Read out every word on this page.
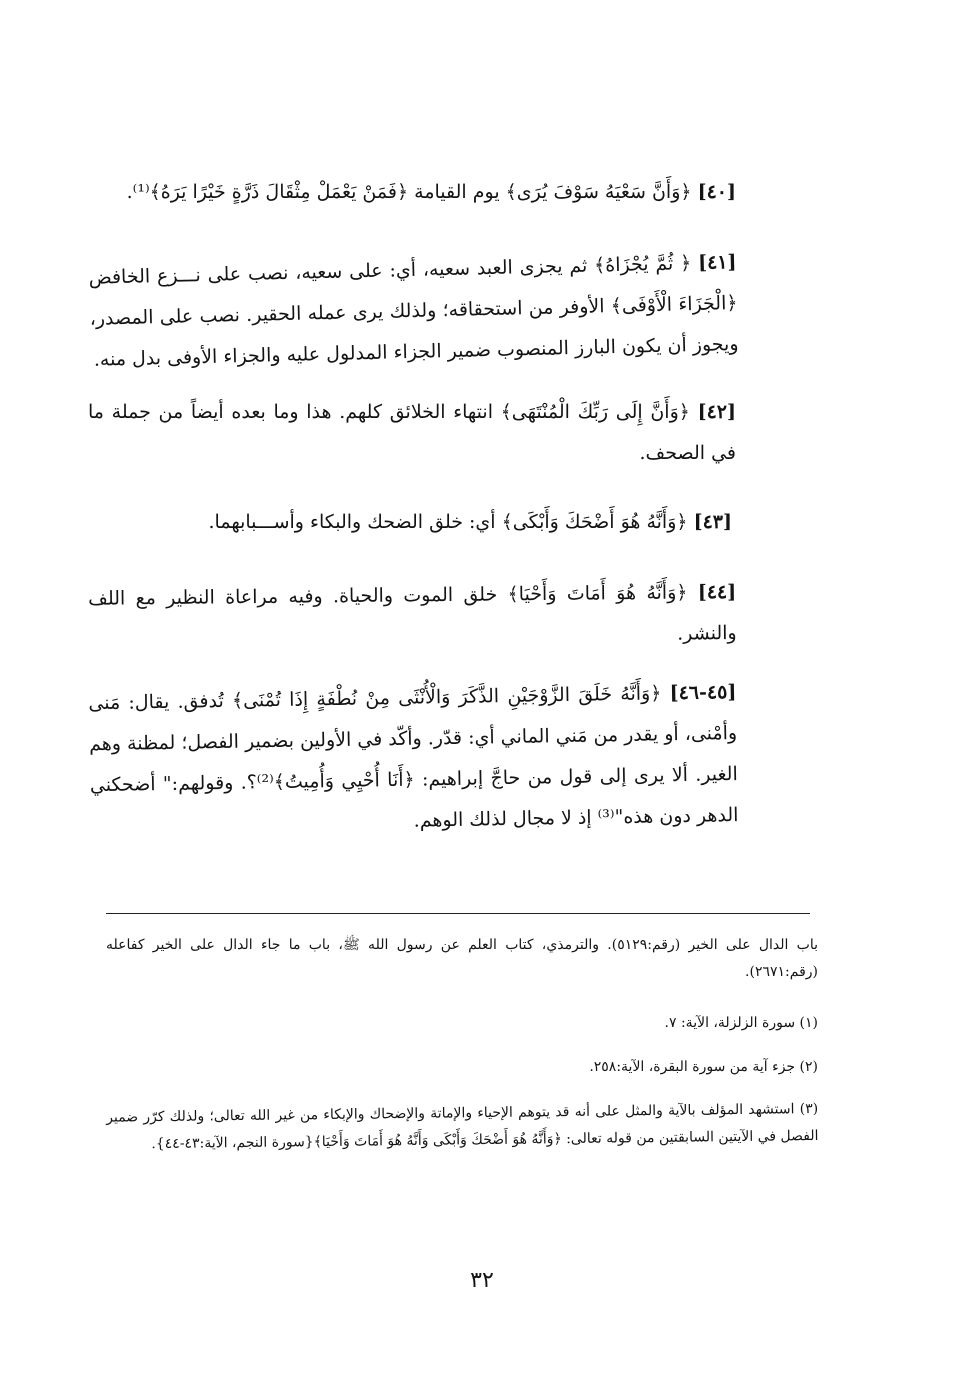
[٤٠] ﴿وَأَنَّ سَعْيَهُ سَوْفَ يُرَى﴾ يوم القيامة ﴿فَمَنْ يَعْمَلْ مِثْقَالَ ذَرَّةٍ خَيْرًا يَرَهُ﴾⁽¹⁾.
[٤١] ﴿ ثُمَّ يُجْزَاهُ﴾ ثم يجزى العبد سعيه، أي: على سعيه، نصب على نـــزع الخافض ﴿الْجَزَاءَ الْأَوْفَى﴾ الأوفر من استحقاقه؛ ولذلك يرى عمله الحقير. نصب على المصدر، ويجوز أن يكون البارز المنصوب ضمير الجزاء المدلول عليه والجزاء الأوفى بدل منه.
[٤٢] ﴿وَأَنَّ إِلَى رَبِّكَ الْمُنْتَهَى﴾ انتهاء الخلائق كلهم. هذا وما بعده أيضاً من جملة ما في الصحف.
[٤٣] ﴿وَأَنَّهُ هُوَ أَضْحَكَ وَأَبْكَى﴾ أي: خلق الضحك والبكاء وأســـبابهما.
[٤٤] ﴿وَأَنَّهُ هُوَ أَمَاتَ وَأَحْيَا﴾ خلق الموت والحياة. وفيه مراعاة النظير مع اللف والنشر.
[٤٥-٤٦] ﴿وَأَنَّهُ خَلَقَ الزَّوْجَيْنِ الذَّكَرَ وَالْأُنْثَى مِنْ نُطْفَةٍ إِذَا تُمْنَى﴾ تُدفق. يقال: مَنى وأمْنى، أو يقدر من مَني الماني أي: قدّر. وأكّد في الأولين بضمير الفصل؛ لمظنة وهم الغير. ألا يرى إلى قول من حاجَّ إبراهيم: ﴿أَنَا أُحْيِي وَأُمِيتُ﴾⁽²⁾؟. وقولهم:" أضحكني الدهر دون هذه"⁽³⁾ إذ لا مجال لذلك الوهم.
باب الدال على الخير (رقم:٥١٢٩). والترمذي، كتاب العلم عن رسول الله ﷺ، باب ما جاء الدال على الخير كفاعله (رقم:٢٦٧١).
(١) سورة الزلزلة، الآية: ٧.
(٢) جزء آية من سورة البقرة، الآية:٢٥٨.
(٣) استشهد المؤلف بالآية والمثل على أنه قد يتوهم الإحياء والإماتة والإضحاك والإبكاء من غير الله تعالى؛ ولذلك كرّر ضمير الفصل في الآيتين السابقتين من قوله تعالى: ﴿وَأَنَّهُ هُوَ أَضْحَكَ وَأَبْكَى وَأَنَّهُ هُوَ أَمَاتَ وَأَحْيَا﴾{سورة النجم، الآية:٤٣-٤٤}.
٣٢
